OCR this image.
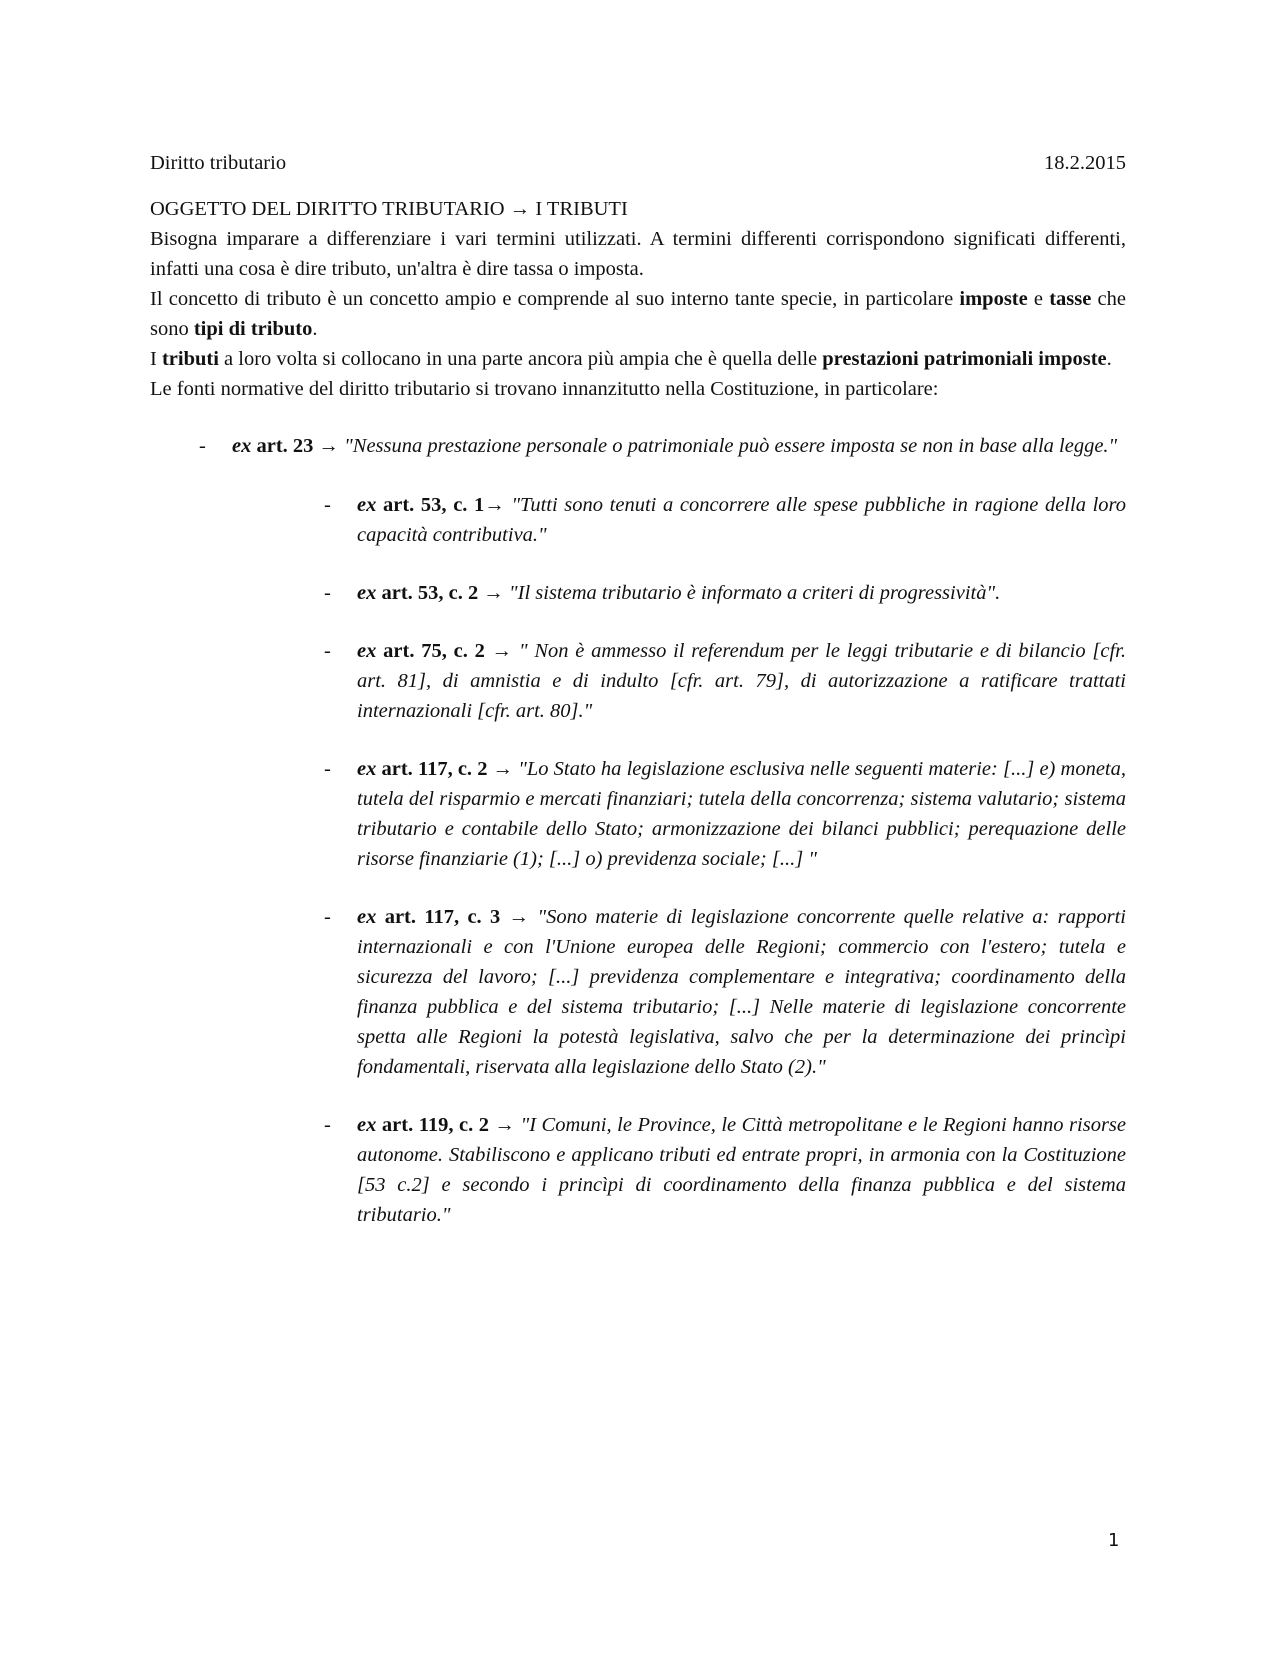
Diritto tributario	18.2.2015
OGGETTO DEL DIRITTO TRIBUTARIO → I TRIBUTI

Bisogna imparare a differenziare i vari termini utilizzati. A termini differenti corrispondono significati differenti, infatti una cosa è dire tributo, un'altra è dire tassa o imposta.

Il concetto di tributo è un concetto ampio e comprende al suo interno tante specie, in particolare imposte e tasse che sono tipi di tributo.

I tributi a loro volta si collocano in una parte ancora più ampia che è quella delle prestazioni patrimoniali imposte.

Le fonti normative del diritto tributario si trovano innanzitutto nella Costituzione, in particolare:

- ex art. 23 → "Nessuna prestazione personale o patrimoniale può essere imposta se non in base alla legge."
- ex art. 53, c. 1→ "Tutti sono tenuti a concorrere alle spese pubbliche in ragione della loro capacità contributiva."
- ex art. 53, c. 2 → "Il sistema tributario è informato a criteri di progressività".
- ex art. 75, c. 2 → " Non è ammesso il referendum per le leggi tributarie e di bilancio [cfr. art. 81], di amnistia e di indulto [cfr. art. 79], di autorizzazione a ratificare trattati internazionali [cfr. art. 80]."
- ex art. 117, c. 2 → "Lo Stato ha legislazione esclusiva nelle seguenti materie: [...] e) moneta, tutela del risparmio e mercati finanziari; tutela della concorrenza; sistema valutario; sistema tributario e contabile dello Stato; armonizzazione dei bilanci pubblici; perequazione delle risorse finanziarie (1); [...] o) previdenza sociale; [...] "
- ex art. 117, c. 3 → "Sono materie di legislazione concorrente quelle relative a: rapporti internazionali e con l'Unione europea delle Regioni; commercio con l'estero; tutela e sicurezza del lavoro; [...] previdenza complementare e integrativa; coordinamento della finanza pubblica e del sistema tributario; [...] Nelle materie di legislazione concorrente spetta alle Regioni la potestà legislativa, salvo che per la determinazione dei princìpi fondamentali, riservata alla legislazione dello Stato (2)."
- ex art. 119, c. 2 → "I Comuni, le Province, le Città metropolitane e le Regioni hanno risorse autonome. Stabiliscono e applicano tributi ed entrate propri, in armonia con la Costituzione [53 c.2] e secondo i princìpi di coordinamento della finanza pubblica e del sistema tributario."
1
